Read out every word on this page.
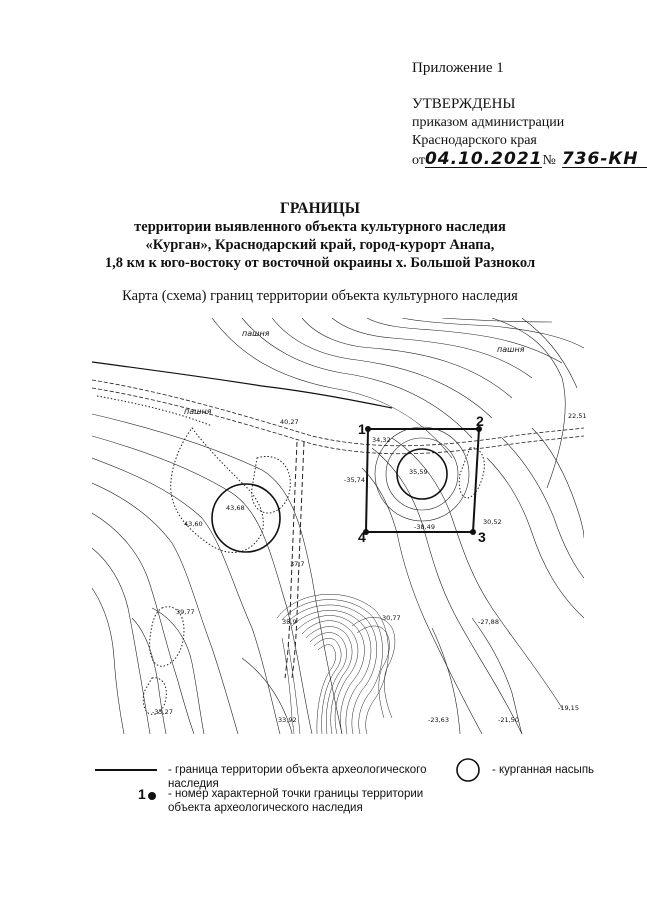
Приложение 1
УТВЕРЖДЕНЫ
приказом администрации
Краснодарского края
от04.10.2021№ 736-КН
ГРАНИЦЫ
территории выявленного объекта культурного наследия
«Курган», Краснодарский край, город-курорт Анапа,
1,8 км к юго-востоку от восточной окраины х. Большой Разнокол
Карта (схема) границ территории объекта культурного наследия
1	2
3
4
пашня
пашня
пашня
40,27
34,32
35,59
-35,74
43,68
43,60	30,52
-38,49
22,51
39,77
35,9
-35,27
33,92
30,77	-27,88
-23,63	-21,50
-19,15
37,7
- граница территории объекта археологического
наследия
- курганная насыпь
1 - номер характерной точки границы территории
объекта археологического наследия
